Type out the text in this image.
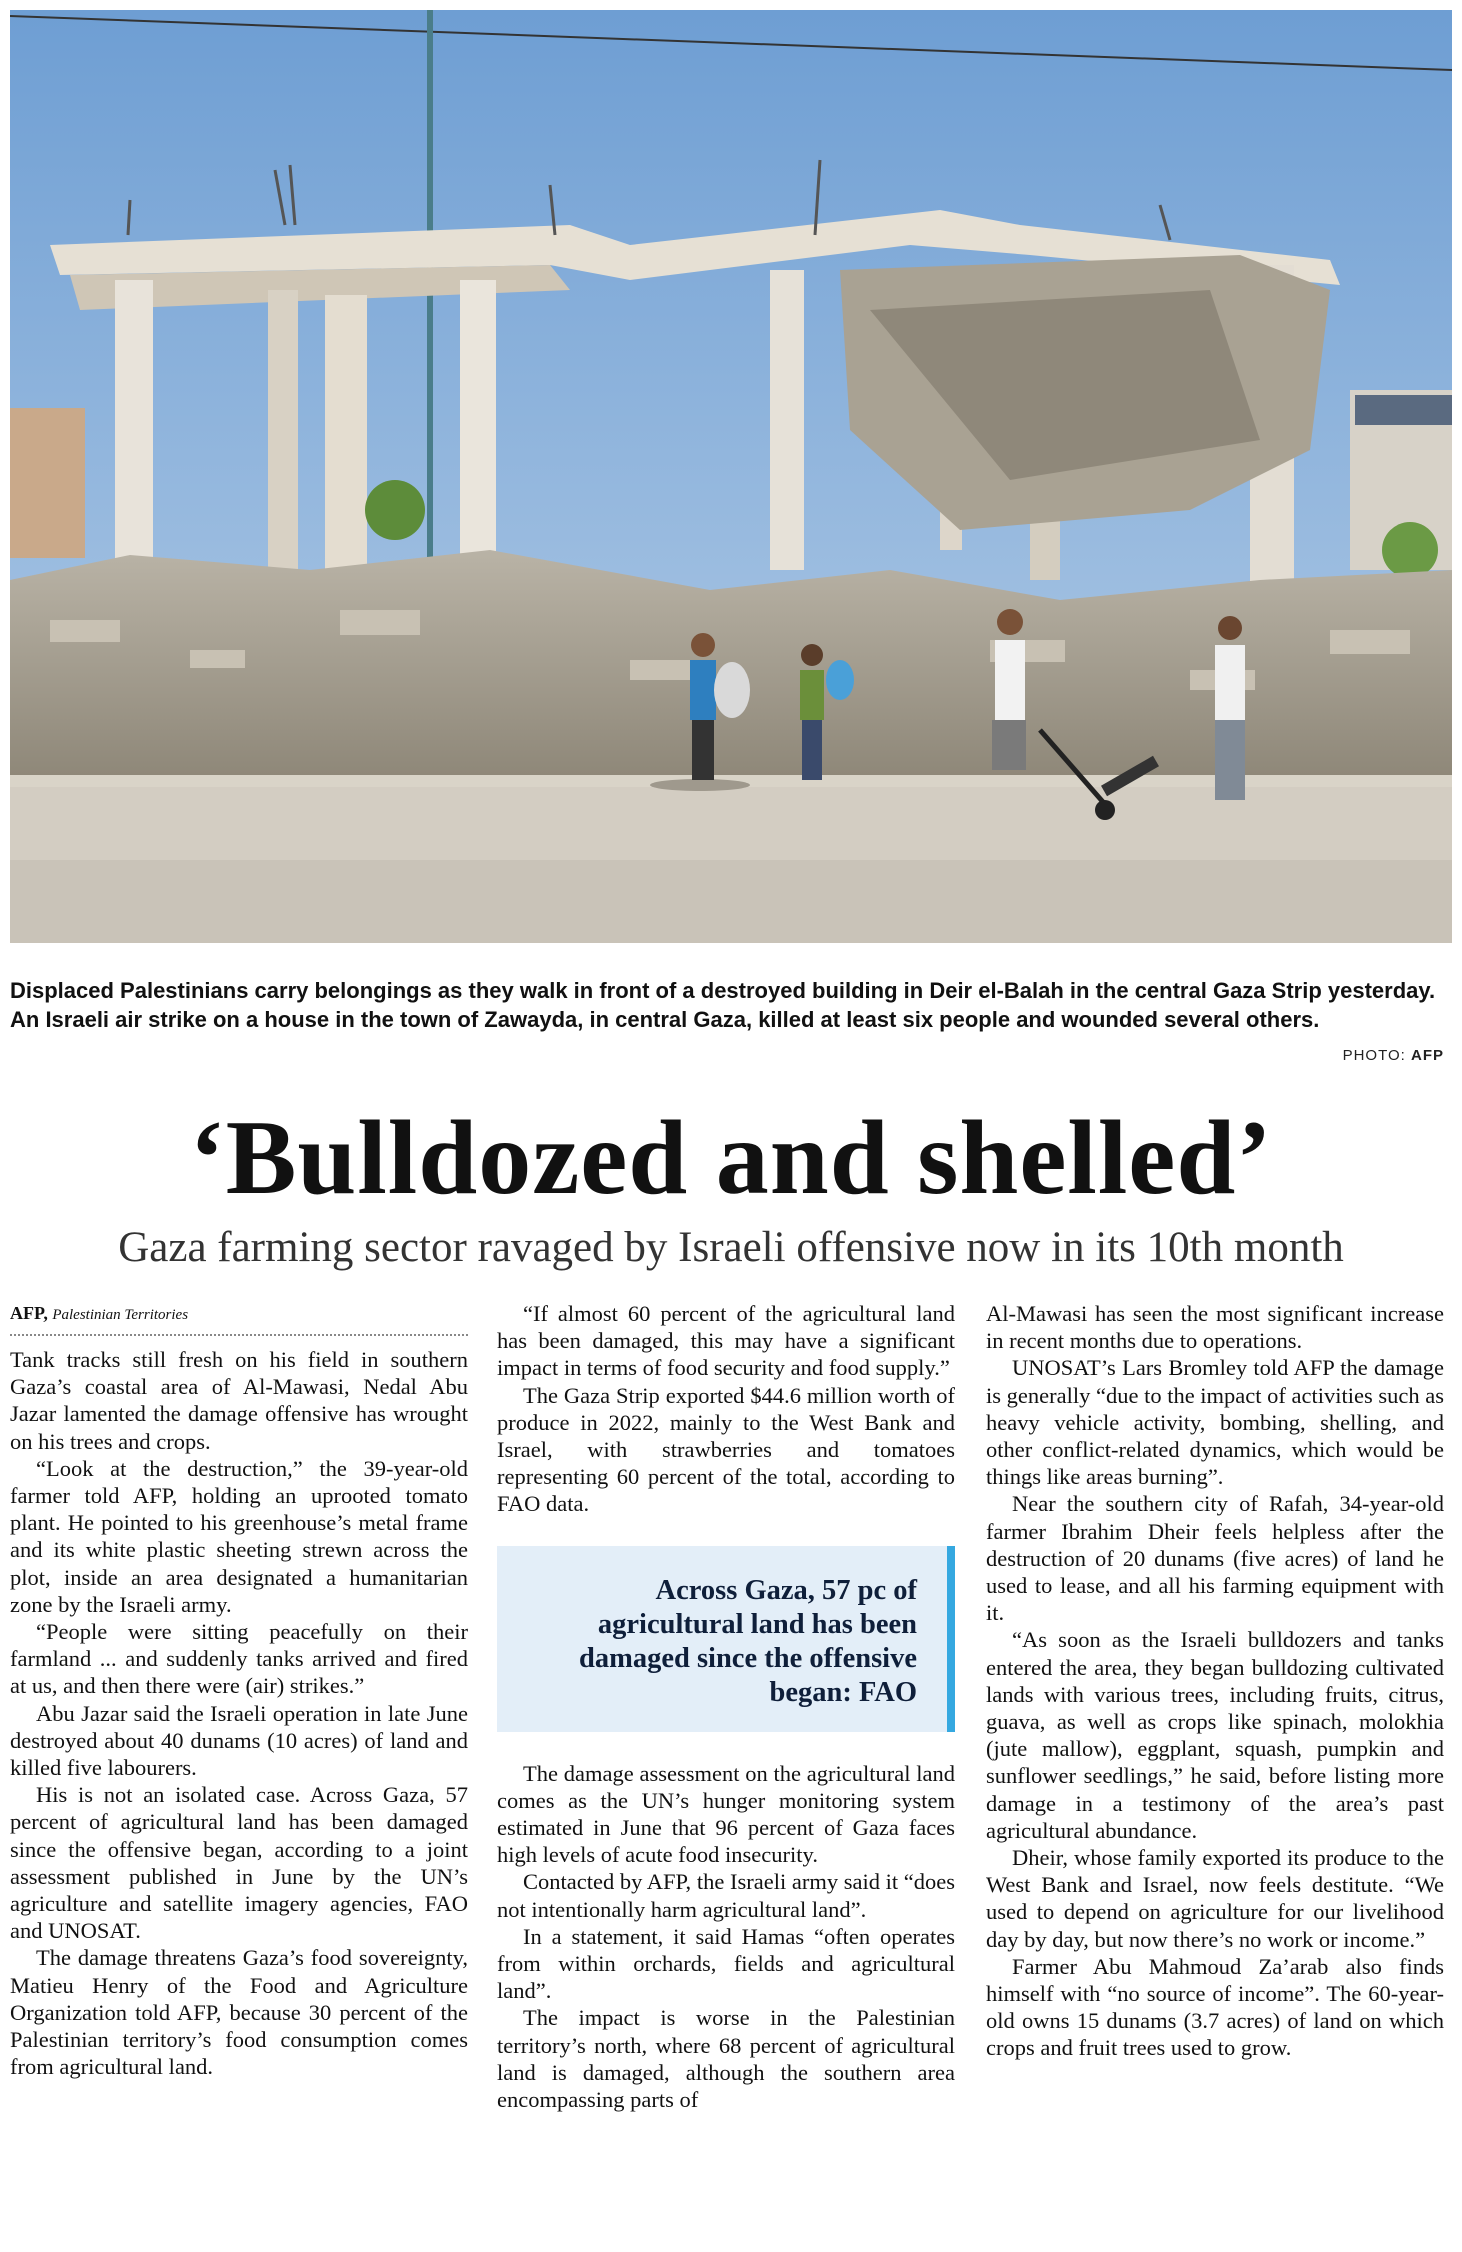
Displaced Palestinians carry belongings as they walk in front of a destroyed building in Deir el-Balah in the central Gaza Strip yesterday. An Israeli air strike on a house in the town of Zawayda, in central Gaza, killed at least six people and wounded several others.
PHOTO: AFP
‘Bulldozed and shelled’
Gaza farming sector ravaged by Israeli offensive now in its 10th month
AFP, Palestinian Territories

Tank tracks still fresh on his field in southern Gaza’s coastal area of Al-Mawasi, Nedal Abu Jazar lamented the damage offensive has wrought on his trees and crops.

“Look at the destruction,” the 39-year-old farmer told AFP, holding an uprooted tomato plant. He pointed to his greenhouse’s metal frame and its white plastic sheeting strewn across the plot, inside an area designated a humanitarian zone by the Israeli army.

“People were sitting peacefully on their farmland ... and suddenly tanks arrived and fired at us, and then there were (air) strikes.”

Abu Jazar said the Israeli operation in late June destroyed about 40 dunams (10 acres) of land and killed five labourers.

His is not an isolated case. Across Gaza, 57 percent of agricultural land has been damaged since the offensive began, according to a joint assessment published in June by the UN’s agriculture and satellite imagery agencies, FAO and UNOSAT.

The damage threatens Gaza’s food sovereignty, Matieu Henry of the Food and Agriculture Organization told AFP, because 30 percent of the Palestinian territory’s food consumption comes from agricultural land.

“If almost 60 percent of the agricultural land has been damaged, this may have a significant impact in terms of food security and food supply.”

The Gaza Strip exported $44.6 million worth of produce in 2022, mainly to the West Bank and Israel, with strawberries and tomatoes representing 60 percent of the total, according to FAO data.

Across Gaza, 57 pc of agricultural land has been damaged since the offensive began: FAO

The damage assessment on the agricultural land comes as the UN’s hunger monitoring system estimated in June that 96 percent of Gaza faces high levels of acute food insecurity.

Contacted by AFP, the Israeli army said it “does not intentionally harm agricultural land”.

In a statement, it said Hamas “often operates from within orchards, fields and agricultural land”.

The impact is worse in the Palestinian territory’s north, where 68 percent of agricultural land is damaged, although the southern area encompassing parts of

Al-Mawasi has seen the most significant increase in recent months due to operations.

UNOSAT’s Lars Bromley told AFP the damage is generally “due to the impact of activities such as heavy vehicle activity, bombing, shelling, and other conflict-related dynamics, which would be things like areas burning”.

Near the southern city of Rafah, 34-year-old farmer Ibrahim Dheir feels helpless after the destruction of 20 dunams (five acres) of land he used to lease, and all his farming equipment with it.

“As soon as the Israeli bulldozers and tanks entered the area, they began bulldozing cultivated lands with various trees, including fruits, citrus, guava, as well as crops like spinach, molokhia (jute mallow), eggplant, squash, pumpkin and sunflower seedlings,” he said, before listing more damage in a testimony of the area’s past agricultural abundance.

Dheir, whose family exported its produce to the West Bank and Israel, now feels destitute. “We used to depend on agriculture for our livelihood day by day, but now there’s no work or income.”

Farmer Abu Mahmoud Za’arab also finds himself with “no source of income”. The 60-year-old owns 15 dunams (3.7 acres) of land on which crops and fruit trees used to grow.
